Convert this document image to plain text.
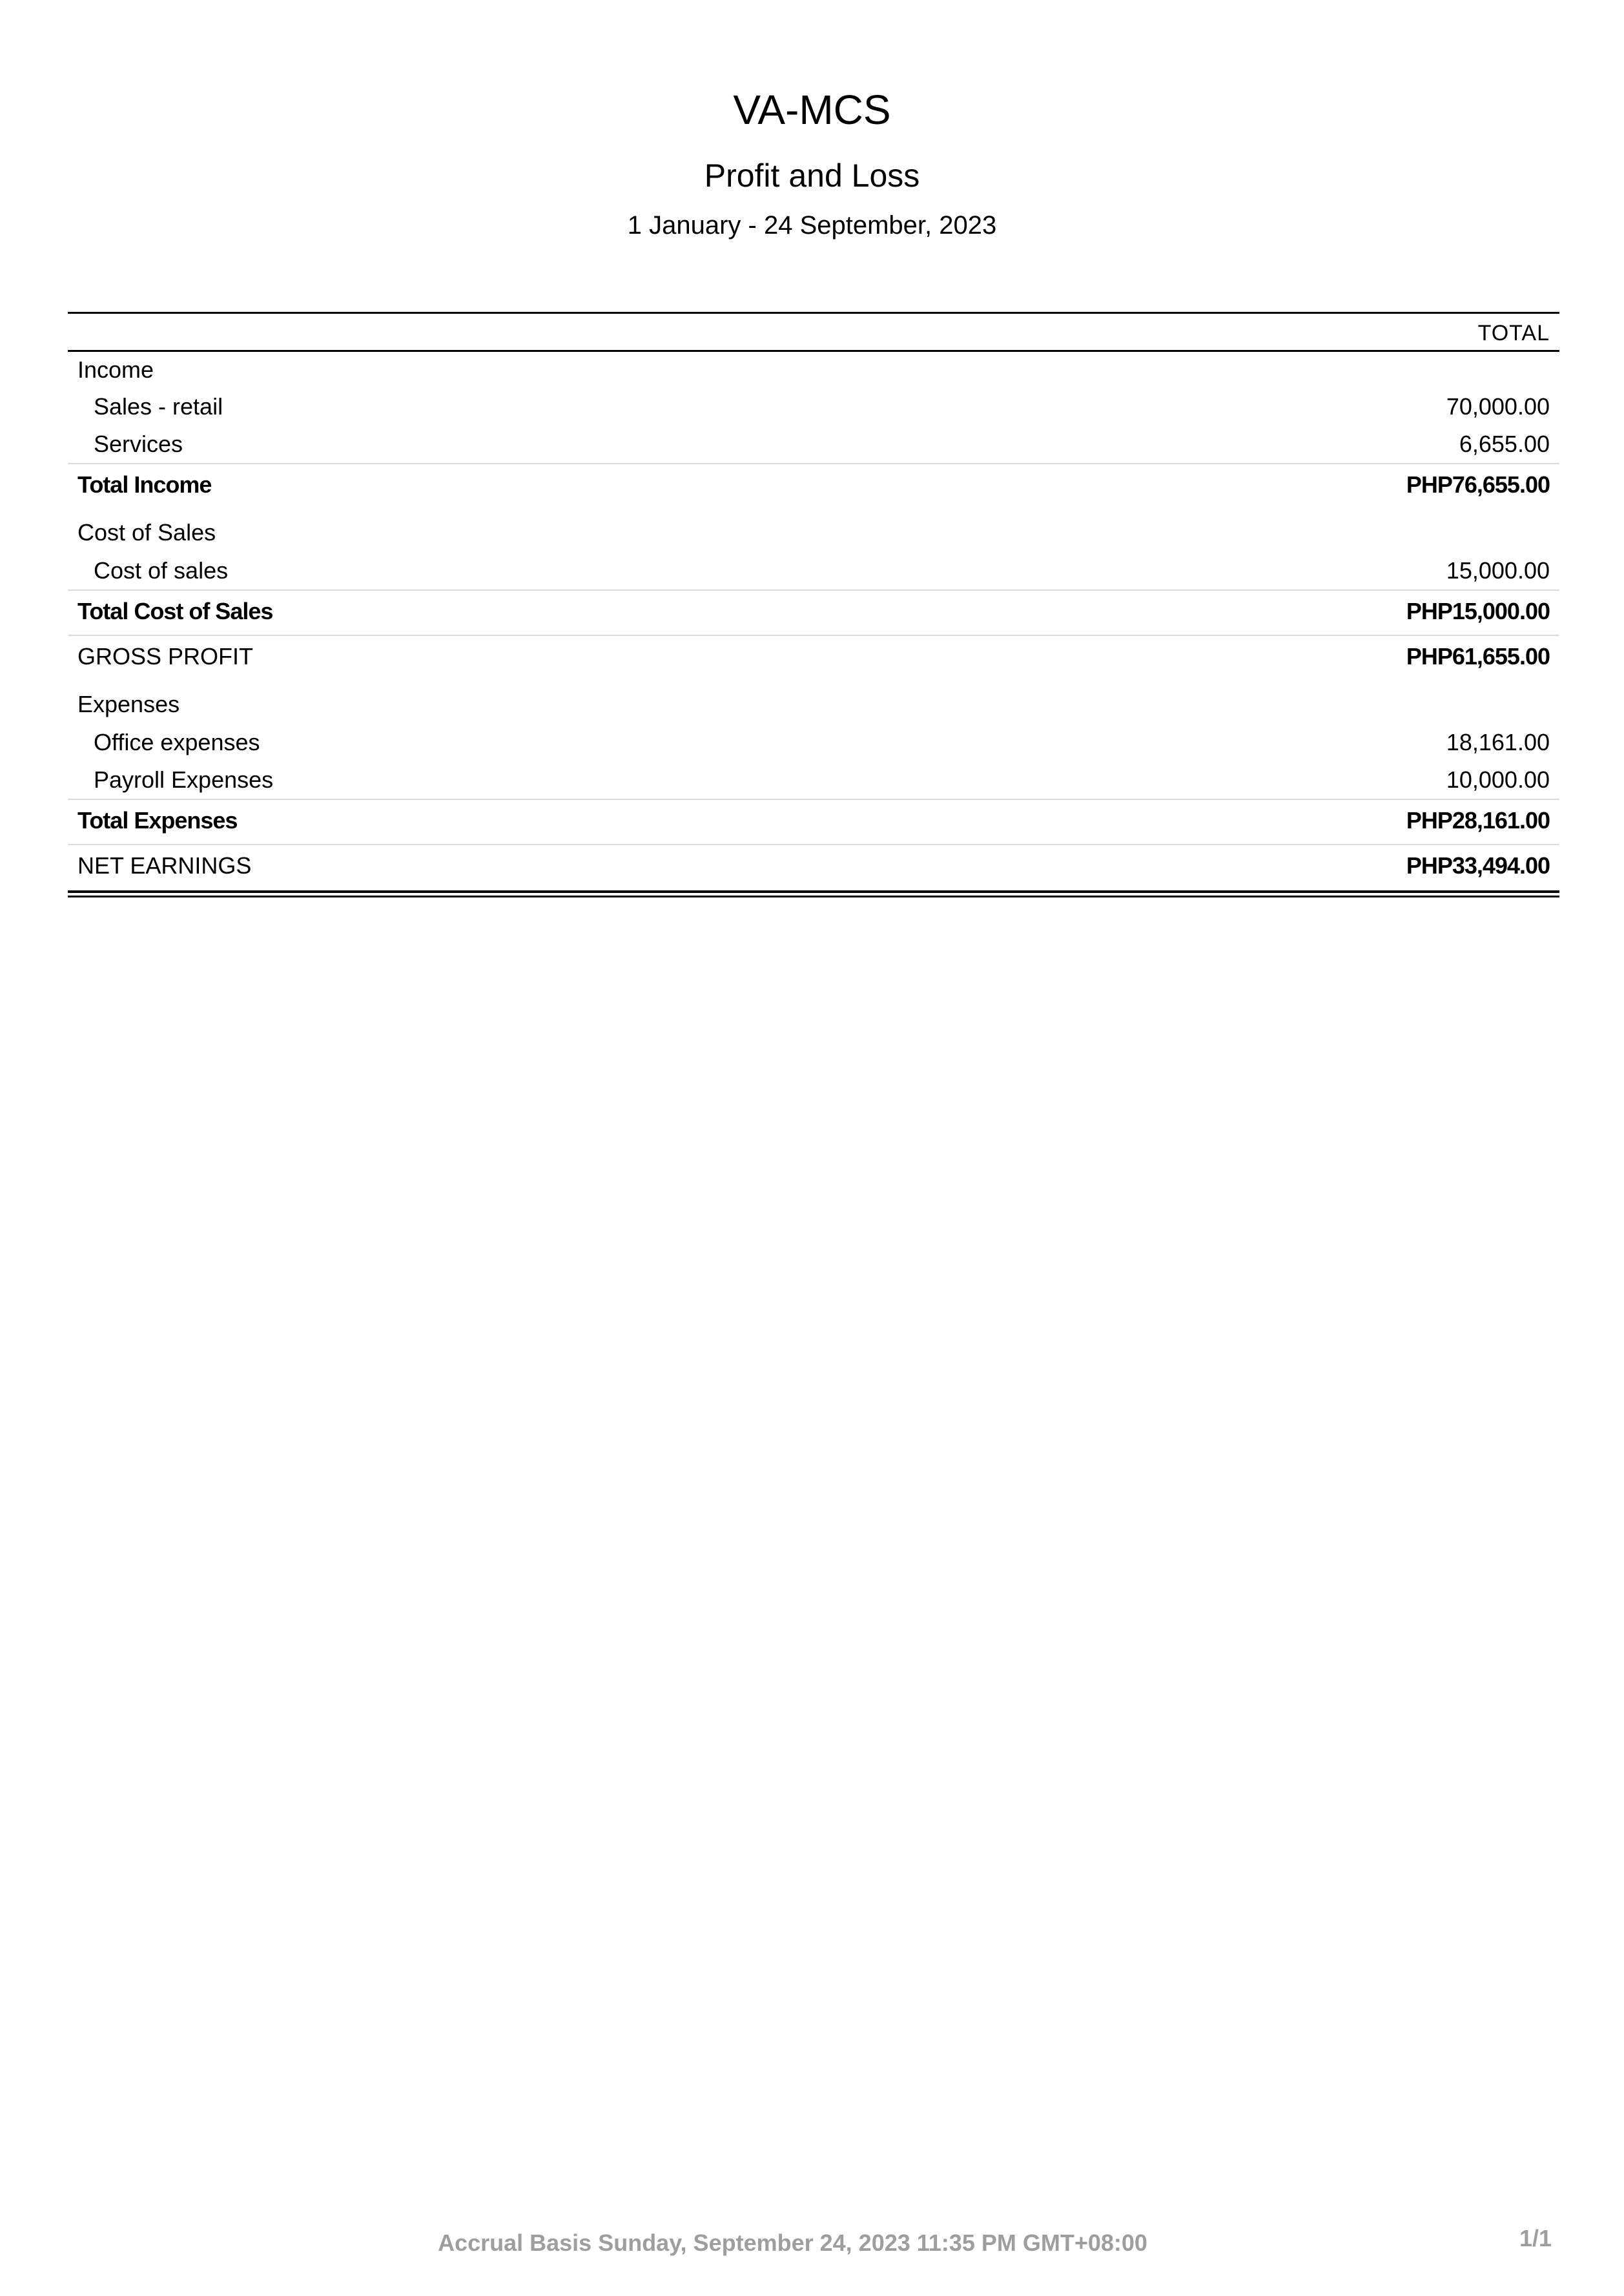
VA-MCS
Profit and Loss
1 January - 24 September, 2023
TOTAL
Income
Sales - retail	70,000.00
Services	6,655.00
Total Income	PHP76,655.00
Cost of Sales
Cost of sales	15,000.00
Total Cost of Sales	PHP15,000.00
GROSS PROFIT	PHP61,655.00
Expenses
Office expenses	18,161.00
Payroll Expenses	10,000.00
Total Expenses	PHP28,161.00
NET EARNINGS	PHP33,494.00
Accrual Basis Sunday, September 24, 2023 11:35 PM GMT+08:00	1/1
